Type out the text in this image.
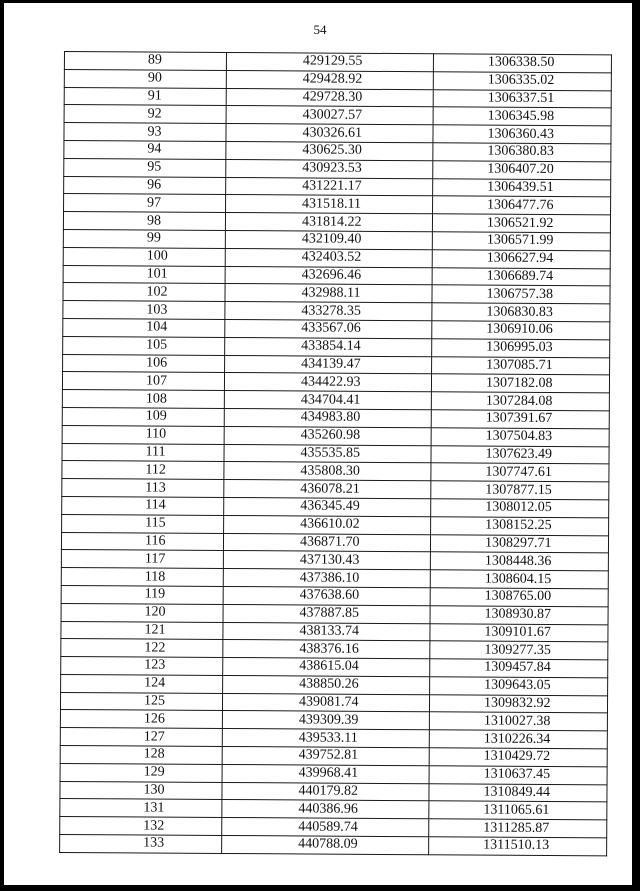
54
89	429129.55	1306338.50
90	429428.92	1306335.02
91	429728.30	1306337.51
92	430027.57	1306345.98
93	430326.61	1306360.43
94	430625.30	1306380.83
95	430923.53	1306407.20
96	431221.17	1306439.51
97	431518.11	1306477.76
98	431814.22	1306521.92
99	432109.40	1306571.99
100	432403.52	1306627.94
101	432696.46	1306689.74
102	432988.11	1306757.38
103	433278.35	1306830.83
104	433567.06	1306910.06
105	433854.14	1306995.03
106	434139.47	1307085.71
107	434422.93	1307182.08
108	434704.41	1307284.08
109	434983.80	1307391.67
110	435260.98	1307504.83
111	435535.85	1307623.49
112	435808.30	1307747.61
113	436078.21	1307877.15
114	436345.49	1308012.05
115	436610.02	1308152.25
116	436871.70	1308297.71
117	437130.43	1308448.36
118	437386.10	1308604.15
119	437638.60	1308765.00
120	437887.85	1308930.87
121	438133.74	1309101.67
122	438376.16	1309277.35
123	438615.04	1309457.84
124	438850.26	1309643.05
125	439081.74	1309832.92
126	439309.39	1310027.38
127	439533.11	1310226.34
128	439752.81	1310429.72
129	439968.41	1310637.45
130	440179.82	1310849.44
131	440386.96	1311065.61
132	440589.74	1311285.87
133	440788.09	1311510.13
